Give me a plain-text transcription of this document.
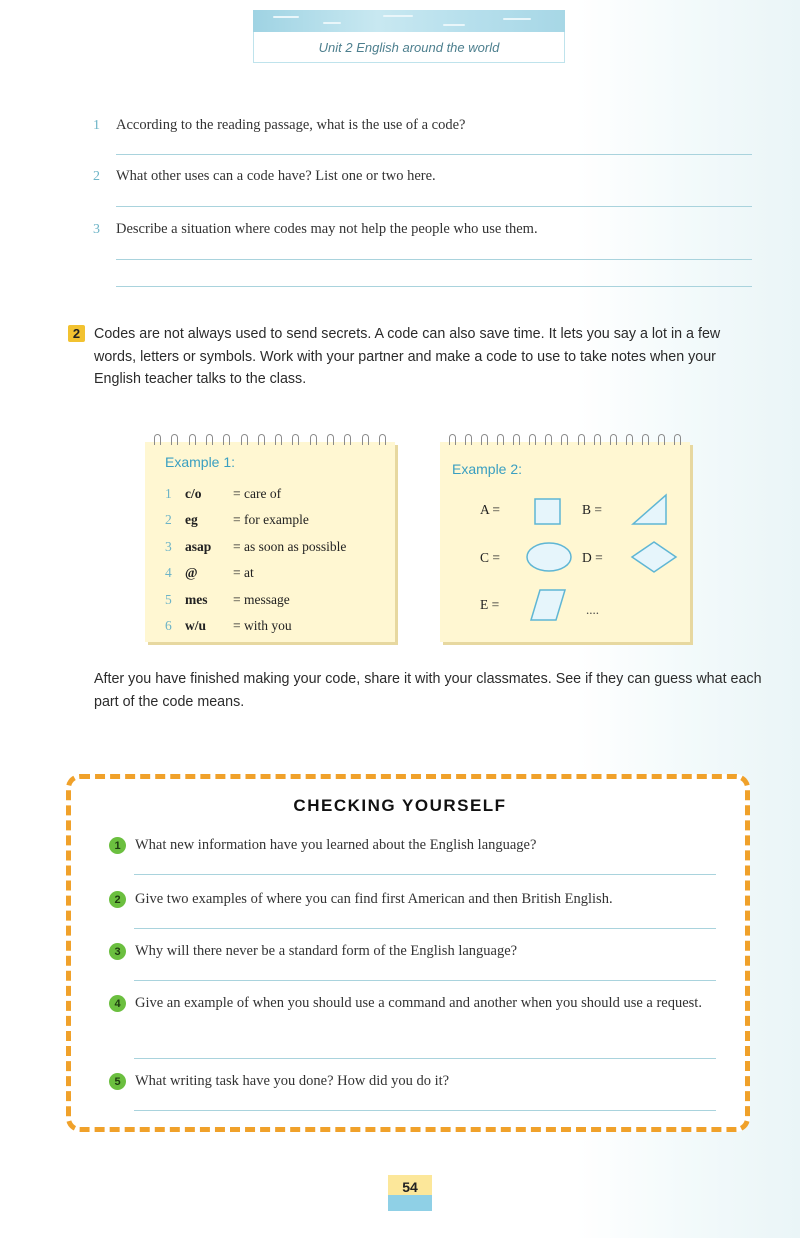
Unit 2 English around the world
1 According to the reading passage, what is the use of a code?
2 What other uses can a code have? List one or two here.
3 Describe a situation where codes may not help the people who use them.
2 Codes are not always used to send secrets. A code can also save time. It lets you say a lot in a few words, letters or symbols. Work with your partner and make a code to use to take notes when your English teacher talks to the class.
Example 1:
1 c/o = care of
2 eg	= for example
3 asap = as soon as possible
4 @	= at
5 mes = message
6 w/u = with you
Example 2:
A =	B =
C =	D =
E =	....
After you have finished making your code, share it with your classmates. See if they can guess what each part of the code means.
CHECKING YOURSELF
1 What new information have you learned about the English language?
2 Give two examples of where you can find first American and then British English.
3 Why will there never be a standard form of the English language?
4 Give an example of when you should use a command and another when you should use a request.
5 What writing task have you done? How did you do it?
54
